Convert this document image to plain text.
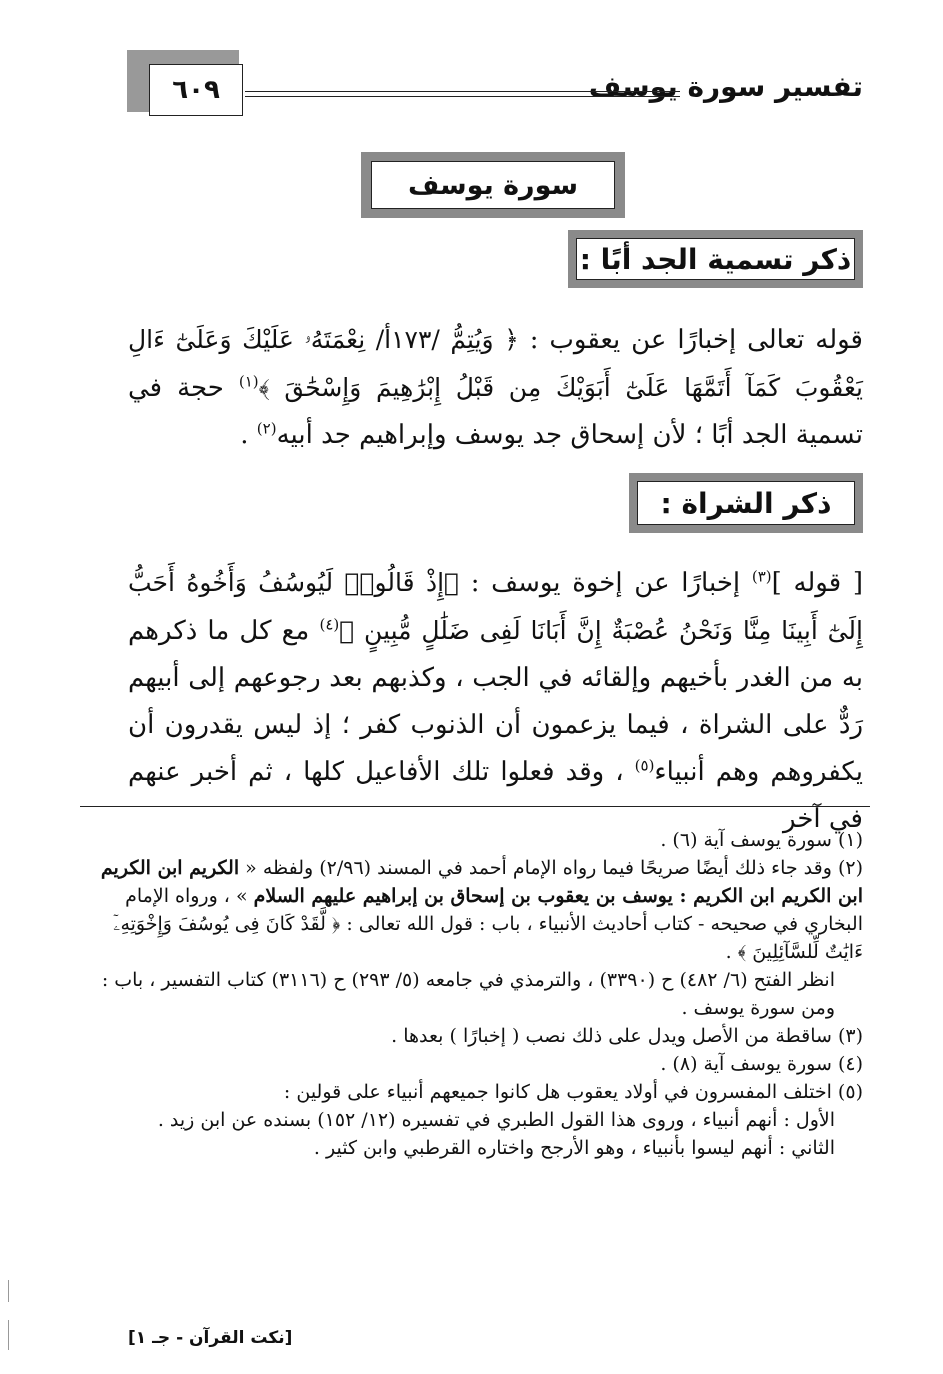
تفسير سورة يوسف
٦٠٩
سورة يوسف
ذكر تسمية الجد أبًا :
قوله تعالى إخبارًا عن يعقوب : ﴿ وَيُتِمُّ /١٧٣أ/ نِعْمَتَهُۥ عَلَيْكَ وَعَلَىٰٓ ءَالِ يَعْقُوبَ كَمَآ أَتَمَّهَا عَلَىٰٓ أَبَوَيْكَ مِن قَبْلُ إِبْرَٰهِيمَ وَإِسْحَٰقَ ﴾$^{(١)}$ حجة في تسمية الجد أبًا ؛ لأن إسحاق جد يوسف وإبراهيم جد أبيه$^{(٢)}$ .
ذكر الشراة :
[ قوله ]$^{(٣)}$ إخبارًا عن إخوة يوسف : ﴿إِذْ قَالُوا۟ لَيُوسُفُ وَأَخُوهُ أَحَبُّ إِلَىٰٓ أَبِينَا مِنَّا وَنَحْنُ عُصْبَةٌ إِنَّ أَبَانَا لَفِى ضَلَٰلٍ مُّبِينٍ ﴾$^{(٤)}$ مع كل ما ذكرهم به من الغدر بأخيهم وإلقائه في الجب ، وكذبهم بعد رجوعهم إلى أبيهم رَدٌّ على الشراة ، فيما يزعمون أن الذنوب كفر ؛ إذ ليس يقدرون أن يكفروهم وهم أنبياء$^{(٥)}$ ، وقد فعلوا تلك الأفاعيل كلها ، ثم أخبر عنهم في آخر

(١) سورة يوسف آية (٦) .

(٢) وقد جاء ذلك أيضًا صريحًا فيما رواه الإمام أحمد في المسند (٢/٩٦) ولفظه « الكريم ابن الكريم ابن الكريم ابن الكريم : يوسف بن يعقوب بن إسحاق بن إبراهيم عليهم السلام » ، ورواه الإمام البخاري في صحيحه - كتاب أحاديث الأنبياء ، باب : قول الله تعالى : ﴿ لَّقَدْ كَانَ فِى يُوسُفَ وَإِخْوَتِهِۦٓ ءَايَٰتٌ لِّلسَّآئِلِينَ ﴾ .

انظر الفتح (٦/ ٤٨٢) ح (٣٣٩٠) ، والترمذي في جامعه (٥/ ٢٩٣) ح (٣١١٦) كتاب التفسير ، باب : ومن سورة يوسف .

(٣) ساقطة من الأصل ويدل على ذلك نصب ( إخبارًا ) بعدها .

(٤) سورة يوسف آية (٨) .

(٥) اختلف المفسرون في أولاد يعقوب هل كانوا جميعهم أنبياء على قولين :

الأول : أنهم أنبياء ، وروى هذا القول الطبري في تفسيره (١٢/ ١٥٢) بسنده عن ابن زيد .

الثاني : أنهم ليسوا بأنبياء ، وهو الأرجح واختاره القرطبي وابن كثير .

[نكت القرآن - جـ ١]
